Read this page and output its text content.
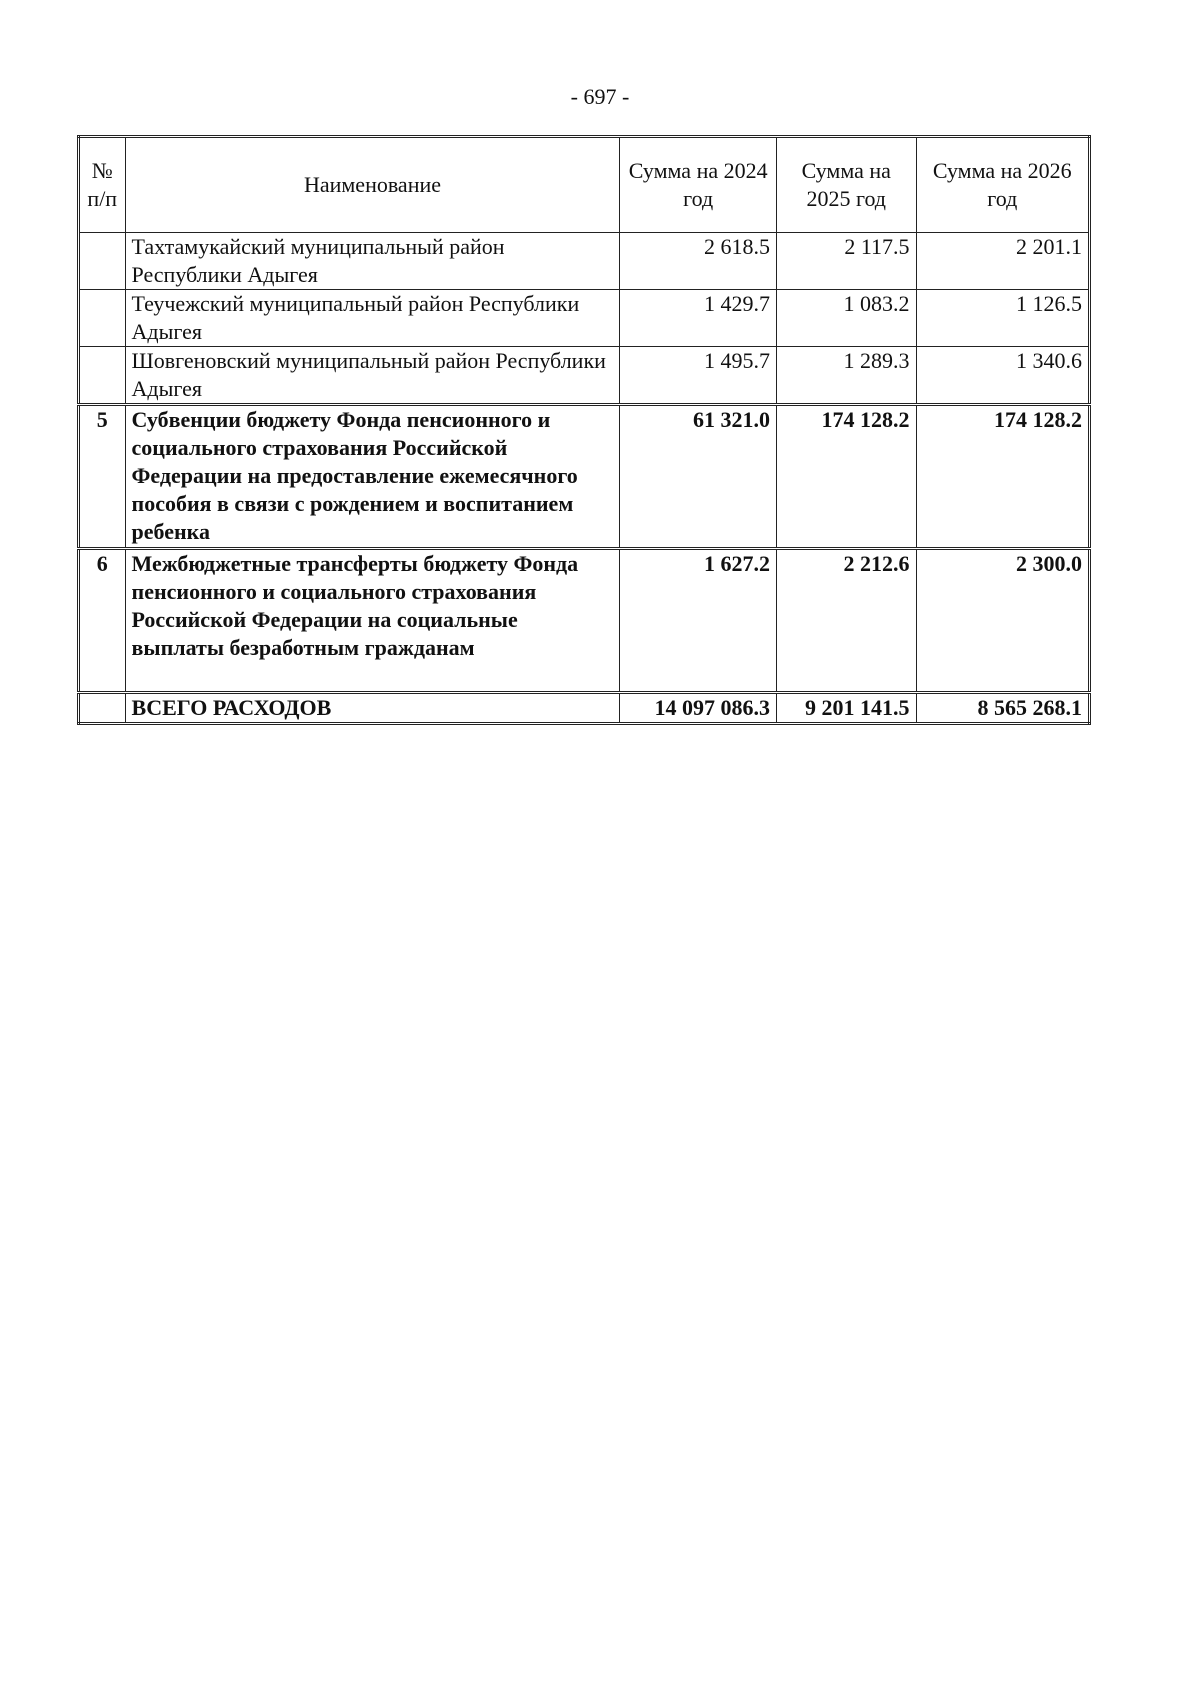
- 697 -
№ п/п	Наименование	Сумма на 2024 год	Сумма на 2025 год	Сумма на 2026 год
	Тахтамукайский муниципальный район Республики Адыгея	2 618.5	2 117.5	2 201.1
	Теучежский муниципальный район Республики Адыгея	1 429.7	1 083.2	1 126.5
	Шовгеновский муниципальный район Республики Адыгея	1 495.7	1 289.3	1 340.6
5	Субвенции бюджету Фонда пенсионного и социального страхования Российской Федерации на предоставление ежемесячного пособия в связи с рождением и воспитанием ребенка	61 321.0	174 128.2	174 128.2
6	Межбюджетные трансферты бюджету Фонда пенсионного и социального страхования Российской Федерации на социальные выплаты безработным гражданам	1 627.2	2 212.6	2 300.0
	ВСЕГО РАСХОДОВ	14 097 086.3	9 201 141.5	8 565 268.1
